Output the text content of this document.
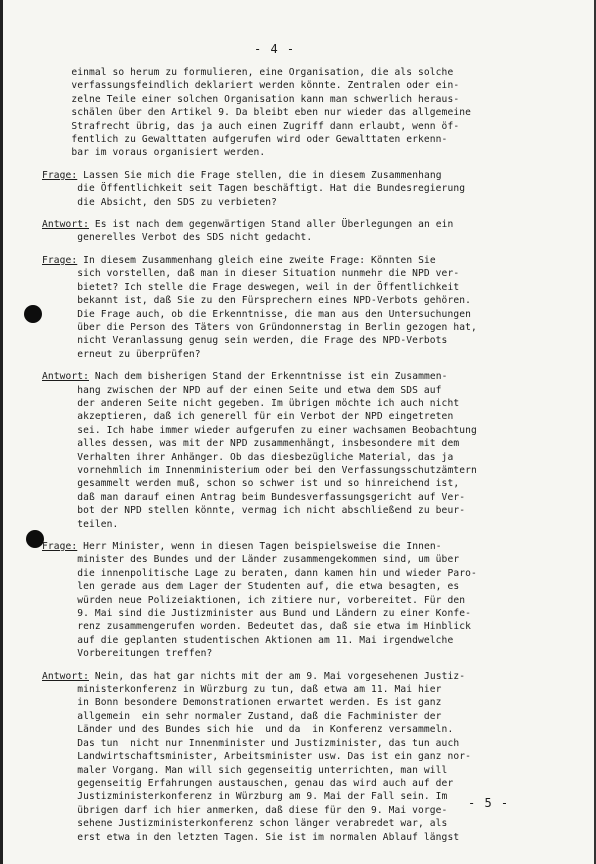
- 4 -
einmal so herum zu formulieren, eine Organisation, die als solche
verfassungsfeindlich deklariert werden könnte. Zentralen oder ein-
zelne Teile einer solchen Organisation kann man schwerlich heraus-
schälen über den Artikel 9. Da bleibt eben nur wieder das allgemeine
Strafrecht übrig, das ja auch einen Zugriff dann erlaubt, wenn öf-
fentlich zu Gewalttaten aufgerufen wird oder Gewalttaten erkenn-
bar im voraus organisiert werden.
Frage: Lassen Sie mich die Frage stellen, die in diesem Zusammenhang
die Öffentlichkeit seit Tagen beschäftigt. Hat die Bundesregierung
die Absicht, den SDS zu verbieten?
Antwort: Es ist nach dem gegenwärtigen Stand aller Überlegungen an ein
generelles Verbot des SDS nicht gedacht.
Frage: In diesem Zusammenhang gleich eine zweite Frage: Könnten Sie
sich vorstellen, daß man in dieser Situation nunmehr die NPD ver-
bietet? Ich stelle die Frage deswegen, weil in der Öffentlichkeit
bekannt ist, daß Sie zu den Fürsprechern eines NPD-Verbots gehören.
Die Frage auch, ob die Erkenntnisse, die man aus den Untersuchungen
über die Person des Täters von Gründonnerstag in Berlin gezogen hat,
nicht Veranlassung genug sein werden, die Frage des NPD-Verbots
erneut zu überprüfen?
Antwort: Nach dem bisherigen Stand der Erkenntnisse ist ein Zusammen-
hang zwischen der NPD auf der einen Seite und etwa dem SDS auf
der anderen Seite nicht gegeben. Im übrigen möchte ich auch nicht
akzeptieren, daß ich generell für ein Verbot der NPD eingetreten
sei. Ich habe immer wieder aufgerufen zu einer wachsamen Beobachtung
alles dessen, was mit der NPD zusammenhängt, insbesondere mit dem
Verhalten ihrer Anhänger. Ob das diesbezügliche Material, das ja
vornehmlich im Innenministerium oder bei den Verfassungsschutzämtern
gesammelt werden muß, schon so schwer ist und so hinreichend ist,
daß man darauf einen Antrag beim Bundesverfassungsgericht auf Ver-
bot der NPD stellen könnte, vermag ich nicht abschließend zu beur-
teilen.
Frage: Herr Minister, wenn in diesen Tagen beispielsweise die Innen-
minister des Bundes und der Länder zusammengekommen sind, um über
die innenpolitische Lage zu beraten, dann kamen hin und wieder Paro-
len gerade aus dem Lager der Studenten auf, die etwa besagten, es
würden neue Polizeiaktionen, ich zitiere nur, vorbereitet. Für den
9. Mai sind die Justizminister aus Bund und Ländern zu einer Konfe-
renz zusammengerufen worden. Bedeutet das, daß sie etwa im Hinblick
auf die geplanten studentischen Aktionen am 11. Mai irgendwelche
Vorbereitungen treffen?
Antwort: Nein, das hat gar nichts mit der am 9. Mai vorgesehenen Justiz-
ministerkonferenz in Würzburg zu tun, daß etwa am 11. Mai hier
in Bonn besondere Demonstrationen erwartet werden. Es ist ganz
allgemein  ein sehr normaler Zustand, daß die Fachminister der
Länder und des Bundes sich hie  und da  in Konferenz versammeln.
Das tun  nicht nur Innenminister und Justizminister, das tun auch
Landwirtschaftsminister, Arbeitsminister usw. Das ist ein ganz nor-
maler Vorgang. Man will sich gegenseitig unterrichten, man will
gegenseitig Erfahrungen austauschen, genau das wird auch auf der
Justizministerkonferenz in Würzburg am 9. Mai der Fall sein. Im
übrigen darf ich hier anmerken, daß diese für den 9. Mai vorge-
sehene Justizministerkonferenz schon länger verabredet war, als
erst etwa in den letzten Tagen. Sie ist im normalen Ablauf längst
- 5 -
